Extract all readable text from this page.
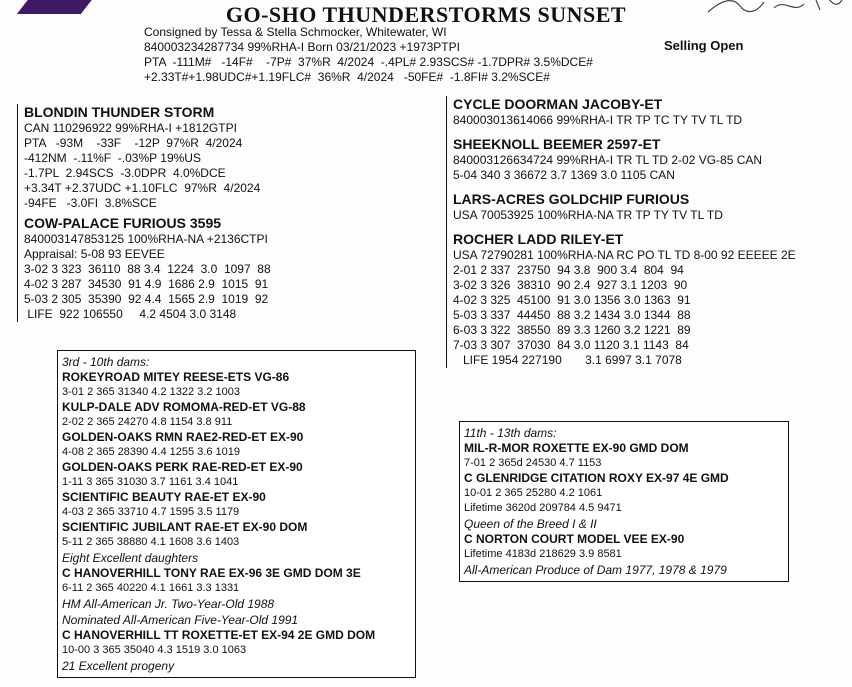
GO-SHO THUNDERSTORMS SUNSET
Consigned by Tessa & Stella Schmocker, Whitewater, WI
840003234287734 99%RHA-I Born 03/21/2023 +1973PTPI
PTA  -111M#   -14F#    -7P#  37%R  4/2024  -.4PL# 2.93SCS# -1.7DPR# 3.5%DCE#
+2.33T#+1.98UDC#+1.19FLC#  36%R  4/2024   -50FE#  -1.8FI# 3.2%SCE#
Selling Open
BLONDIN THUNDER STORM
CAN 110296922 99%RHA-I +1812GTPI
PTA   -93M    -33F    -12P  97%R  4/2024
-412NM  -.11%F  -.03%P 19%US
-1.7PL  2.94SCS  -3.0DPR  4.0%DCE
+3.34T +2.37UDC +1.10FLC  97%R  4/2024
-94FE   -3.0FI  3.8%SCE
COW-PALACE FURIOUS 3595
840003147853125 100%RHA-NA +2136CTPI
Appraisal: 5-08 93 EEVEE
3-02 3 323  36110  88 3.4  1224  3.0  1097  88
4-02 3 287  34530  91 4.9  1686 2.9  1015  91
5-03 2 305  35390  92 4.4  1565 2.9  1019  92
LIFE  922 106550     4.2 4504 3.0 3148
CYCLE DOORMAN JACOBY-ET
840003013614066 99%RHA-I TR TP TC TY TV TL TD
SHEEKNOLL BEEMER 2597-ET
840003126634724 99%RHA-I TR TL TD 2-02 VG-85 CAN
5-04 340 3 36672 3.7 1369 3.0 1105 CAN
LARS-ACRES GOLDCHIP FURIOUS
USA 70053925 100%RHA-NA TR TP TY TV TL TD
ROCHER LADD RILEY-ET
USA 72790281 100%RHA-NA RC PO TL TD 8-00 92 EEEEE 2E
2-01 2 337  23750  94 3.8  900 3.4  804  94
3-02 3 326  38310  90 2.4  927 3.1 1203  90
4-02 3 325  45100  91 3.0 1356 3.0 1363  91
5-03 3 337  44450  88 3.2 1434 3.0 1344  88
6-03 3 322  38550  89 3.3 1260 3.2 1221  89
7-03 3 307  37030  84 3.0 1120 3.1 1143  84
LIFE 1954 227190       3.1 6997 3.1 7078
3rd - 10th dams:
ROKEYROAD MITEY REESE-ETS VG-86
3-01 2 365 31340 4.2 1322 3.2 1003
KULP-DALE ADV ROMOMA-RED-ET VG-88
2-02 2 365 24270 4.8 1154 3.8 911
GOLDEN-OAKS RMN RAE2-RED-ET EX-90
4-08 2 365 28390 4.4 1255 3.6 1019
GOLDEN-OAKS PERK RAE-RED-ET EX-90
1-11 3 365 31030 3.7 1161 3.4 1041
SCIENTIFIC BEAUTY RAE-ET EX-90
4-03 2 365 33710 4.7 1595 3.5 1179
SCIENTIFIC JUBILANT RAE-ET EX-90 DOM
5-11 2 365 38880 4.1 1608 3.6 1403
Eight Excellent daughters
C HANOVERHILL TONY RAE EX-96 3E GMD DOM 3E
6-11 2 365 40220 4.1 1661 3.3 1331
HM All-American Jr. Two-Year-Old 1988
Nominated All-American Five-Year-Old 1991
C HANOVERHILL TT ROXETTE-ET EX-94 2E GMD DOM
10-00 3 365 35040 4.3 1519 3.0 1063
21 Excellent progeny
11th - 13th dams:
MIL-R-MOR ROXETTE EX-90 GMD DOM
7-01 2 365d 24530 4.7 1153
C GLENRIDGE CITATION ROXY EX-97 4E GMD
10-01 2 365 25280 4.2 1061
Lifetime 3620d 209784 4.5 9471
Queen of the Breed I & II
C NORTON COURT MODEL VEE EX-90
Lifetime 4183d 218629 3.9 8581
All-American Produce of Dam 1977, 1978 & 1979
